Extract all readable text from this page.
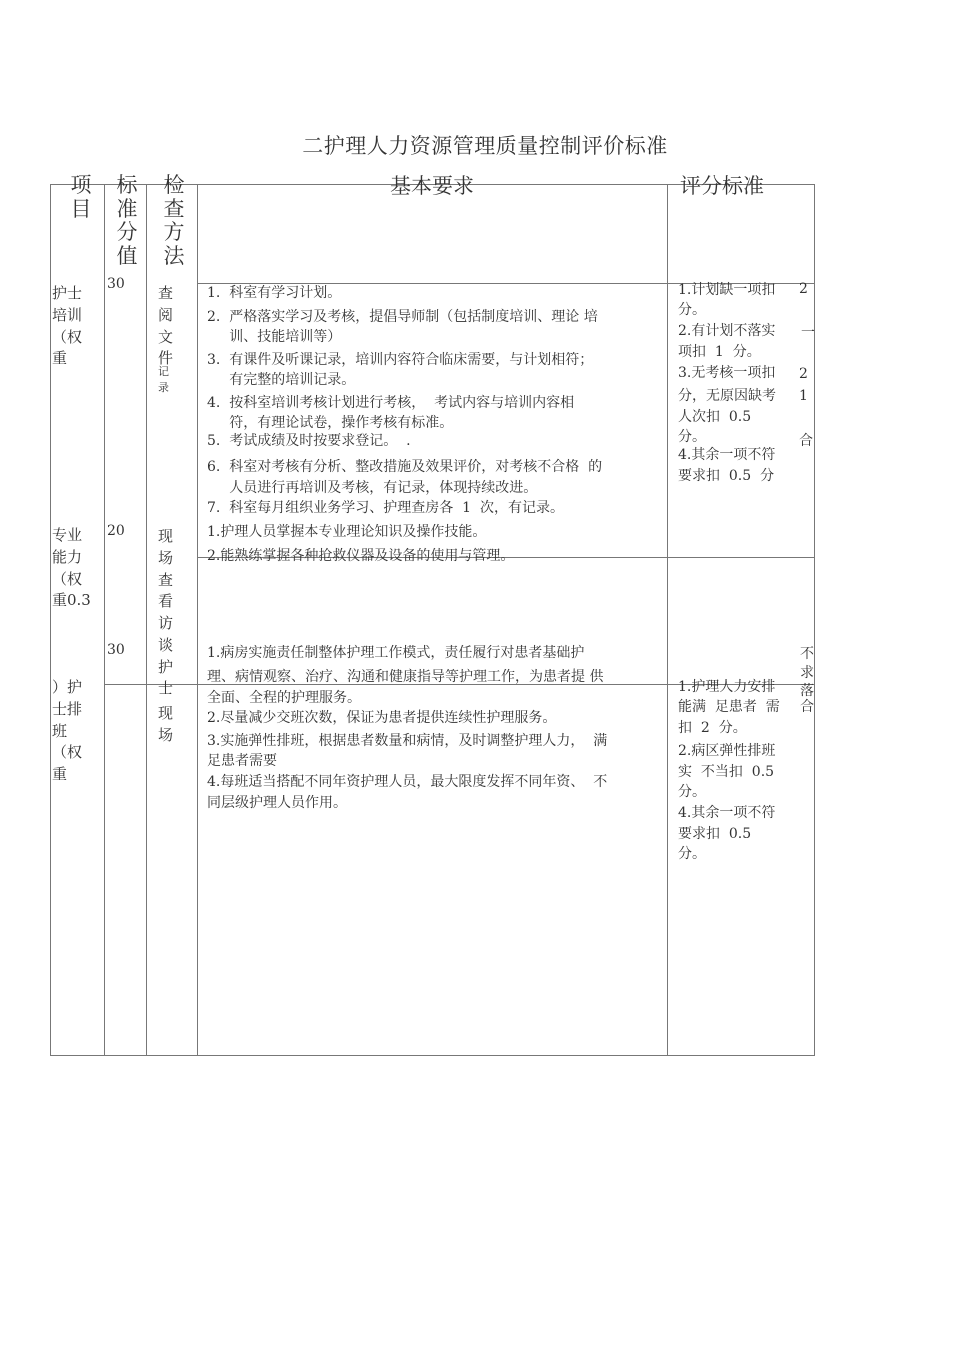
二护理人力资源管理质量控制评价标准
项目
标准分值
检查方法
基本要求	评分标准
护士培训（权重
30 查阅文件
记录
1.  科室有学习计划。
2.  严格落实学习及考核，提倡导师制（包括制度培训、理论 培
训、技能培训等）
3.  有课件及听课记录，培训内容符合临床需要，与计划相符；
有完整的培训记录。
4.  按科室培训考核计划进行考核，  考试内容与培训内容相
符，有理论试卷，操作考核有标准。
5.  考试成绩及时按要求登记。  .
6.  科室对考核有分析、整改措施及效果评价，对考核不合格  的
人员进行再培训及考核，有记录，体现持续改进。
7.  科室每月组织业务学习、护理查房各  1  次，有记录。
1.计划缺一项扣
分。
2.有计划不落实
项扣  1  分。
3.无考核一项扣
分，无原因缺考
人次扣  0.5
分。
4.其余一项不符
要求扣  0.5  分
2
一
2
1
合
专业能力（权重0.3
20 现场查看访谈护士
1.护理人员掌握本专业理论知识及操作技能。
2.能熟练掌握各种抢救仪器及设备的使用与管理。
）护士排班（权重
30
现场
1.病房实施责任制整体护理工作模式，责任履行对患者基础护
理、病情观察、治疗、沟通和健康指导等护理工作，为患者提 供
全面、全程的护理服务。
2.尽量减少交班次数，保证为患者提供连续性护理服务。
3.实施弹性排班，根据患者数量和病情，及时调整护理人力，  满
足患者需要
4.每班适当搭配不同年资护理人员，最大限度发挥不同年资、  不
同层级护理人员作用。
1.护理人力安排
能满  足患者  需
扣  2  分。
2.病区弹性排班
实  不当扣  0.5
分。
4.其余一项不符
要求扣  0.5
分。
不
求
落
合
